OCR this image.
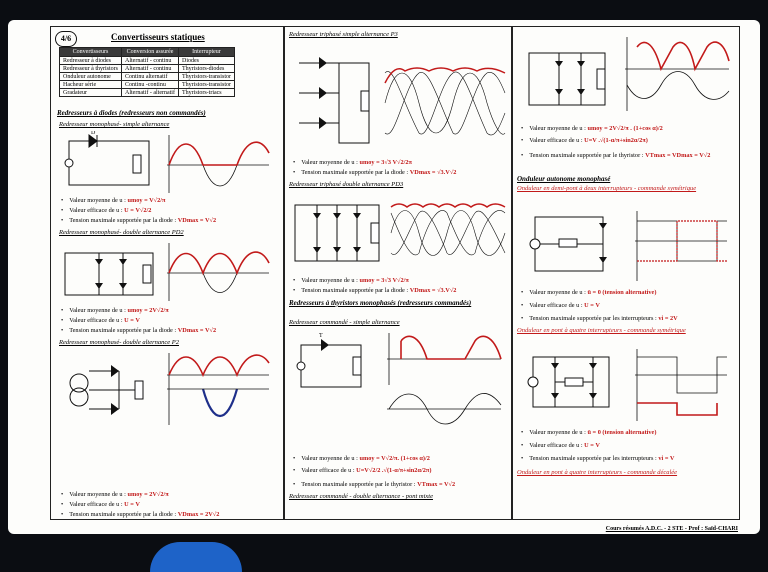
4/6	Convertisseurs statiques
Convertisseurs	Conversion assurée	Interrupteur
Redresseur à diodes	Alternatif - continu	Diodes
Redresseur à thyristors	Alternatif - continu	Thyristors-diodes
Onduleur autonome	Continu alternatif	Thyristors-transistor
Hacheur série	Continu -continu	Thyristors-transistor
Gradateur	Alternatif - alternatif	Thyristors-triacs
Redresseurs à diodes (redresseurs non commandés)
Redresseur monophasé- simple alternance
D
• Valeur moyenne de u : umoy = V√2/π
• Valeur efficace de u : U = V√2/2
• Tension maximale supportée par la diode : VDmax = V√2
Redresseur monophasé- double alternance PD2
• Valeur moyenne de u : umoy = 2V√2/π
• Valeur efficace de u : U = V
• Tension maximale supportée par la diode : VDmax = V√2
Redresseur monophasé- double alternance P2
• Valeur moyenne de u : umoy = 2V√2/π
• Valeur efficace de u : U = V
• Tension maximale supportée par la diode : VDmax = 2V√2
Redresseur triphasé simple alternance P3
• Valeur moyenne de u : umoy = 3√3 V√2/2π
• Tension maximale supportée par la diode : VDmax = √3.V√2
Redresseur triphasé double alternance PD3
• Valeur moyenne de u : umoy = 3√3 V√2/π
• Tension maximale supportée par la diode : VDmax = √3.V√2
Redresseurs à thyristors monophasés (redresseurs commandés)
Redresseur commandé - simple alternance
T
• Valeur moyenne de u : umoy = V√2/π. (1+cos α)/2
• Valeur efficace de u : U=V√2/2 .√(1-α/π+sin2α/2π)
• Tension maximale supportée par le thyristor : VTmax = V√2
Redresseur commandé - double alternance - pont mixte
• Valeur moyenne de u : umoy = 2V√2/π . (1+cos α)/2
• Valeur efficace de u : U=V .√(1-α/π+sin2α/2π)
• Tension maximale supportée par le thyristor : VTmax = VDmax = V√2
Onduleur autonome monophasé
Onduleur en demi-pont à deux interrupteurs - commande symétrique
• Valeur moyenne de u : ū = 0 (tension alternative)
• Valeur efficace de u : U = V
• Tension maximale supportée par les interrupteurs : vi = 2V
Onduleur en pont à quatre interrupteurs - commande symétrique
• Valeur moyenne de u : ū = 0 (tension alternative)
• Valeur efficace de u : U = V
• Tension maximale supportée par les interrupteurs : vi = V
Onduleur en pont à quatre interrupteurs - commande décalée
Cours résumés A.D.C. - 2 STE - Prof : Saïd-CHARI
